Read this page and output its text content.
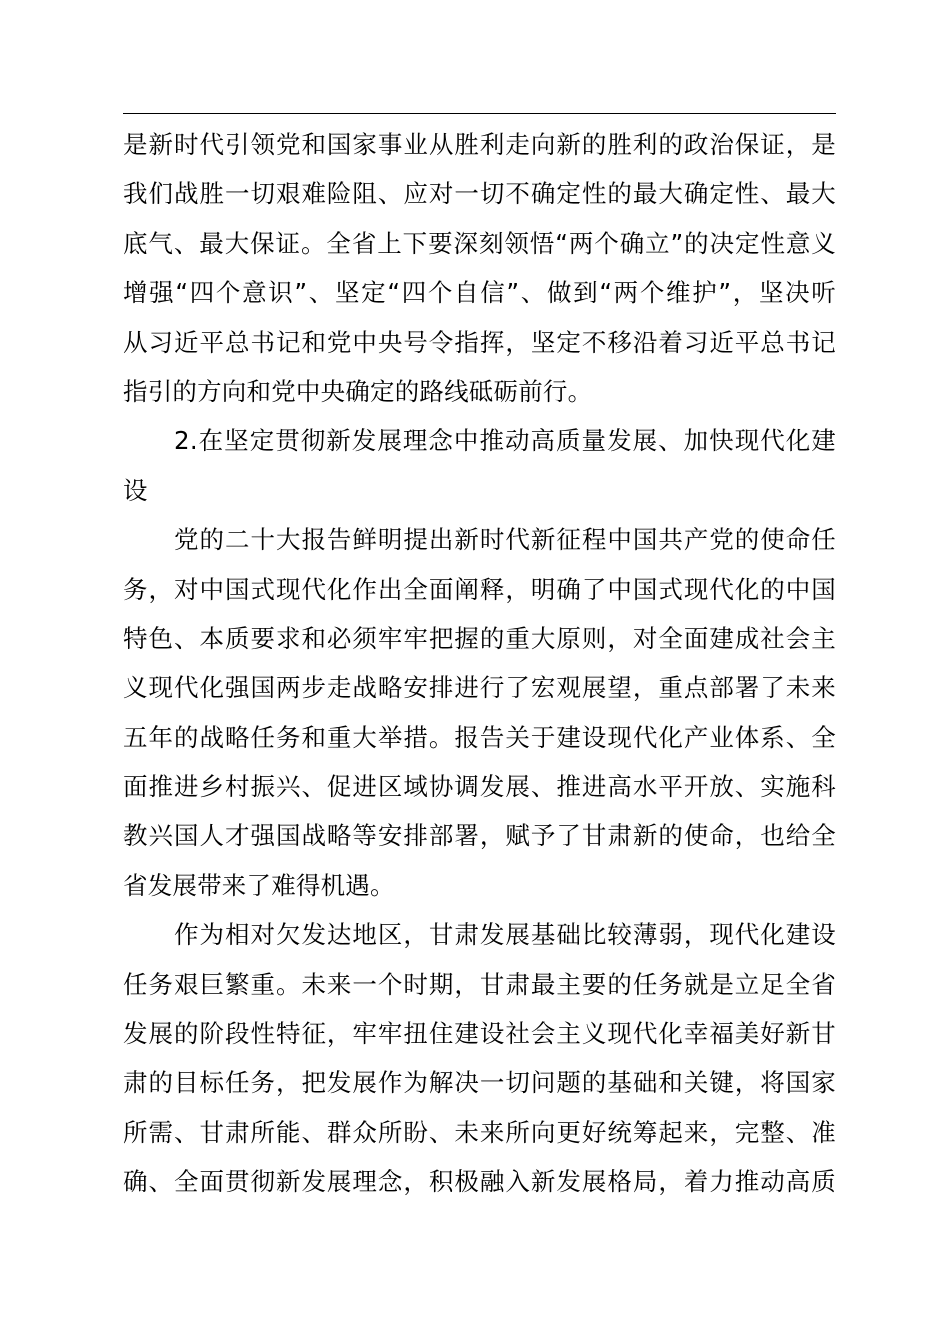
是新时代引领党和国家事业从胜利走向新的胜利的政治保证，是
我们战胜一切艰难险阻、应对一切不确定性的最大确定性、最大
底气、最大保证。全省上下要深刻领悟“两个确立”的决定性意义
增强“四个意识”、坚定“四个自信”、做到“两个维护”，坚决听
从习近平总书记和党中央号令指挥，坚定不移沿着习近平总书记
指引的方向和党中央确定的路线砥砺前行。
　　2.在坚定贯彻新发展理念中推动高质量发展、加快现代化建
设
　　党的二十大报告鲜明提出新时代新征程中国共产党的使命任
务，对中国式现代化作出全面阐释，明确了中国式现代化的中国
特色、本质要求和必须牢牢把握的重大原则，对全面建成社会主
义现代化强国两步走战略安排进行了宏观展望，重点部署了未来
五年的战略任务和重大举措。报告关于建设现代化产业体系、全
面推进乡村振兴、促进区域协调发展、推进高水平开放、实施科
教兴国人才强国战略等安排部署，赋予了甘肃新的使命，也给全
省发展带来了难得机遇。
　　作为相对欠发达地区，甘肃发展基础比较薄弱，现代化建设
任务艰巨繁重。未来一个时期，甘肃最主要的任务就是立足全省
发展的阶段性特征，牢牢扭住建设社会主义现代化幸福美好新甘
肃的目标任务，把发展作为解决一切问题的基础和关键，将国家
所需、甘肃所能、群众所盼、未来所向更好统筹起来，完整、准
确、全面贯彻新发展理念，积极融入新发展格局，着力推动高质
